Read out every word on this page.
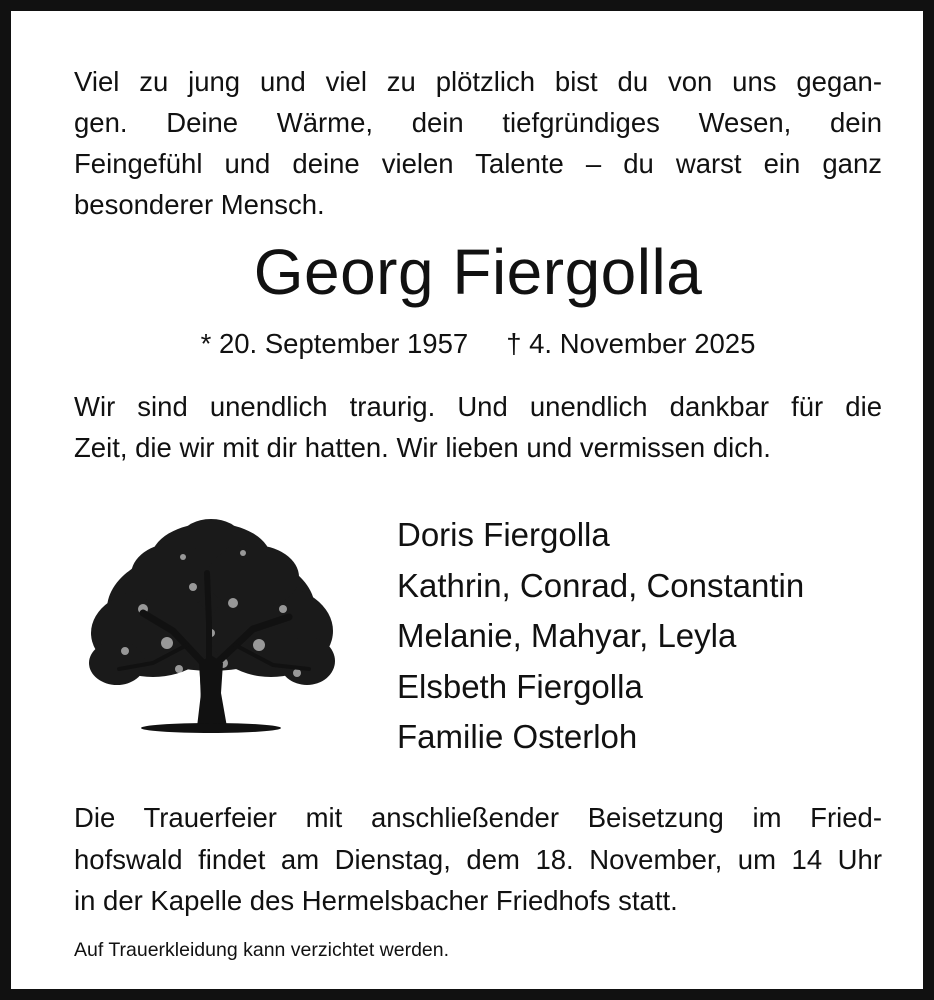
Viel zu jung und viel zu plötzlich bist du von uns gegan-
gen. Deine Wärme, dein tiefgründiges Wesen, dein
Feingefühl und deine vielen Talente – du warst ein ganz
besonderer Mensch.
Georg Fiergolla
* 20. September 1957 † 4. November 2025
Wir sind unendlich traurig. Und unendlich dankbar für die
Zeit, die wir mit dir hatten. Wir lieben und vermissen dich.
Doris Fiergolla
Kathrin, Conrad, Constantin
Melanie, Mahyar, Leyla
Elsbeth Fiergolla
Familie Osterloh
Die Trauerfeier mit anschließender Beisetzung im Fried-
hofswald findet am Dienstag, dem 18. November, um 14 Uhr
in der Kapelle des Hermelsbacher Friedhofs statt.
Auf Trauerkleidung kann verzichtet werden.
